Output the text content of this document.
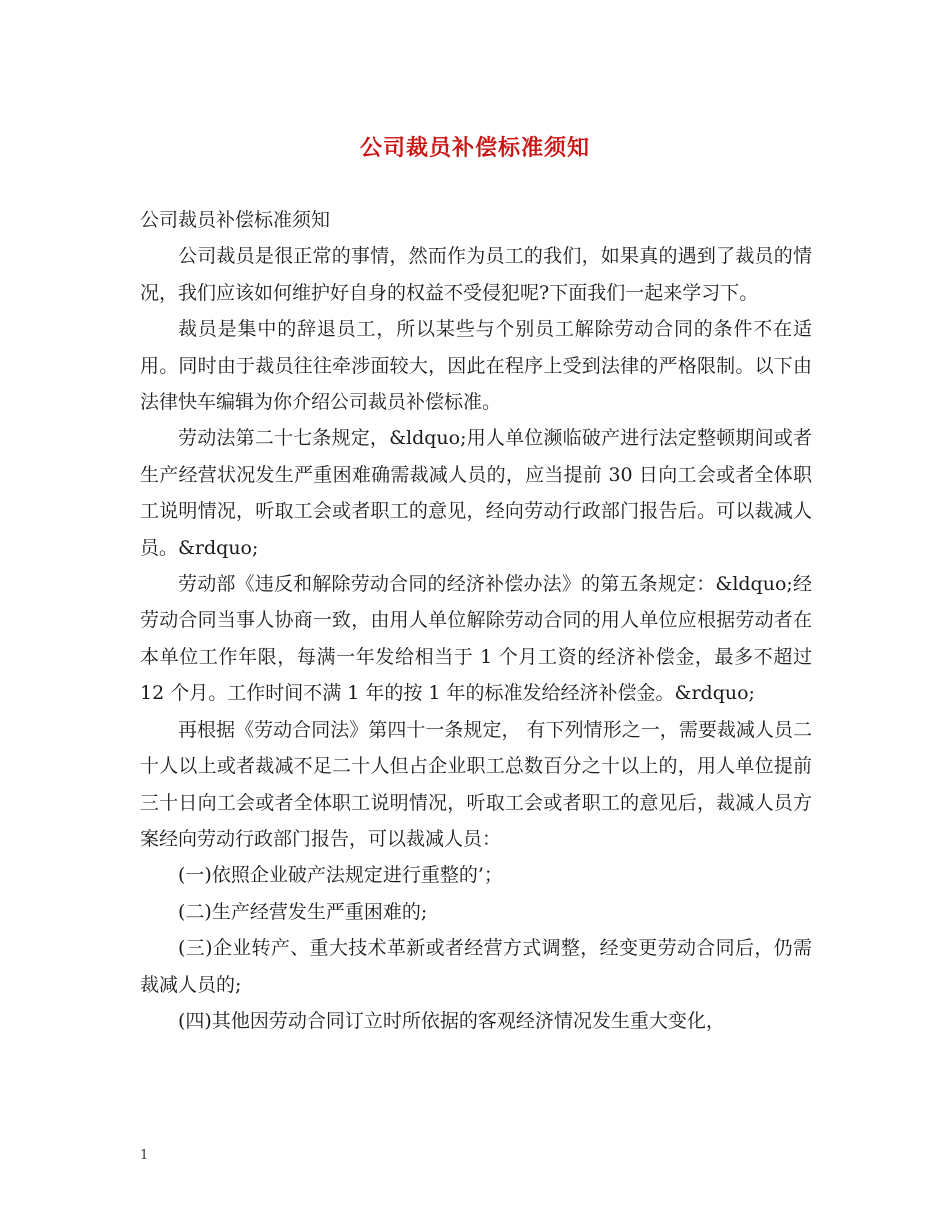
公司裁员补偿标准须知

公司裁员补偿标准须知

公司裁员是很正常的事情，然而作为员工的我们，如果真的遇到了裁员的情况，我们应该如何维护好自身的权益不受侵犯呢?下面我们一起来学习下。

裁员是集中的辞退员工，所以某些与个别员工解除劳动合同的条件不在适用。同时由于裁员往往牵涉面较大，因此在程序上受到法律的严格限制。以下由法律快车编辑为你介绍公司裁员补偿标准。

劳动法第二十七条规定，&ldquo;用人单位濒临破产进行法定整顿期间或者生产经营状况发生严重困难确需裁减人员的，应当提前 30 日向工会或者全体职工说明情况，听取工会或者职工的意见，经向劳动行政部门报告后。可以裁减人员。&rdquo;

劳动部《违反和解除劳动合同的经济补偿办法》的第五条规定：&ldquo;经劳动合同当事人协商一致，由用人单位解除劳动合同的用人单位应根据劳动者在本单位工作年限，每满一年发给相当于 1 个月工资的经济补偿金，最多不超过 12 个月。工作时间不满 1 年的按 1 年的标准发给经济补偿金。&rdquo;

再根据《劳动合同法》第四十一条规定， 有下列情形之一，需要裁减人员二十人以上或者裁减不足二十人但占企业职工总数百分之十以上的，用人单位提前三十日向工会或者全体职工说明情况，听取工会或者职工的意见后，裁减人员方案经向劳动行政部门报告，可以裁减人员：

(一)依照企业破产法规定进行重整的’；

(二)生产经营发生严重困难的;

(三)企业转产、重大技术革新或者经营方式调整，经变更劳动合同后，仍需裁减人员的;

(四)其他因劳动合同订立时所依据的客观经济情况发生重大变化，

1
